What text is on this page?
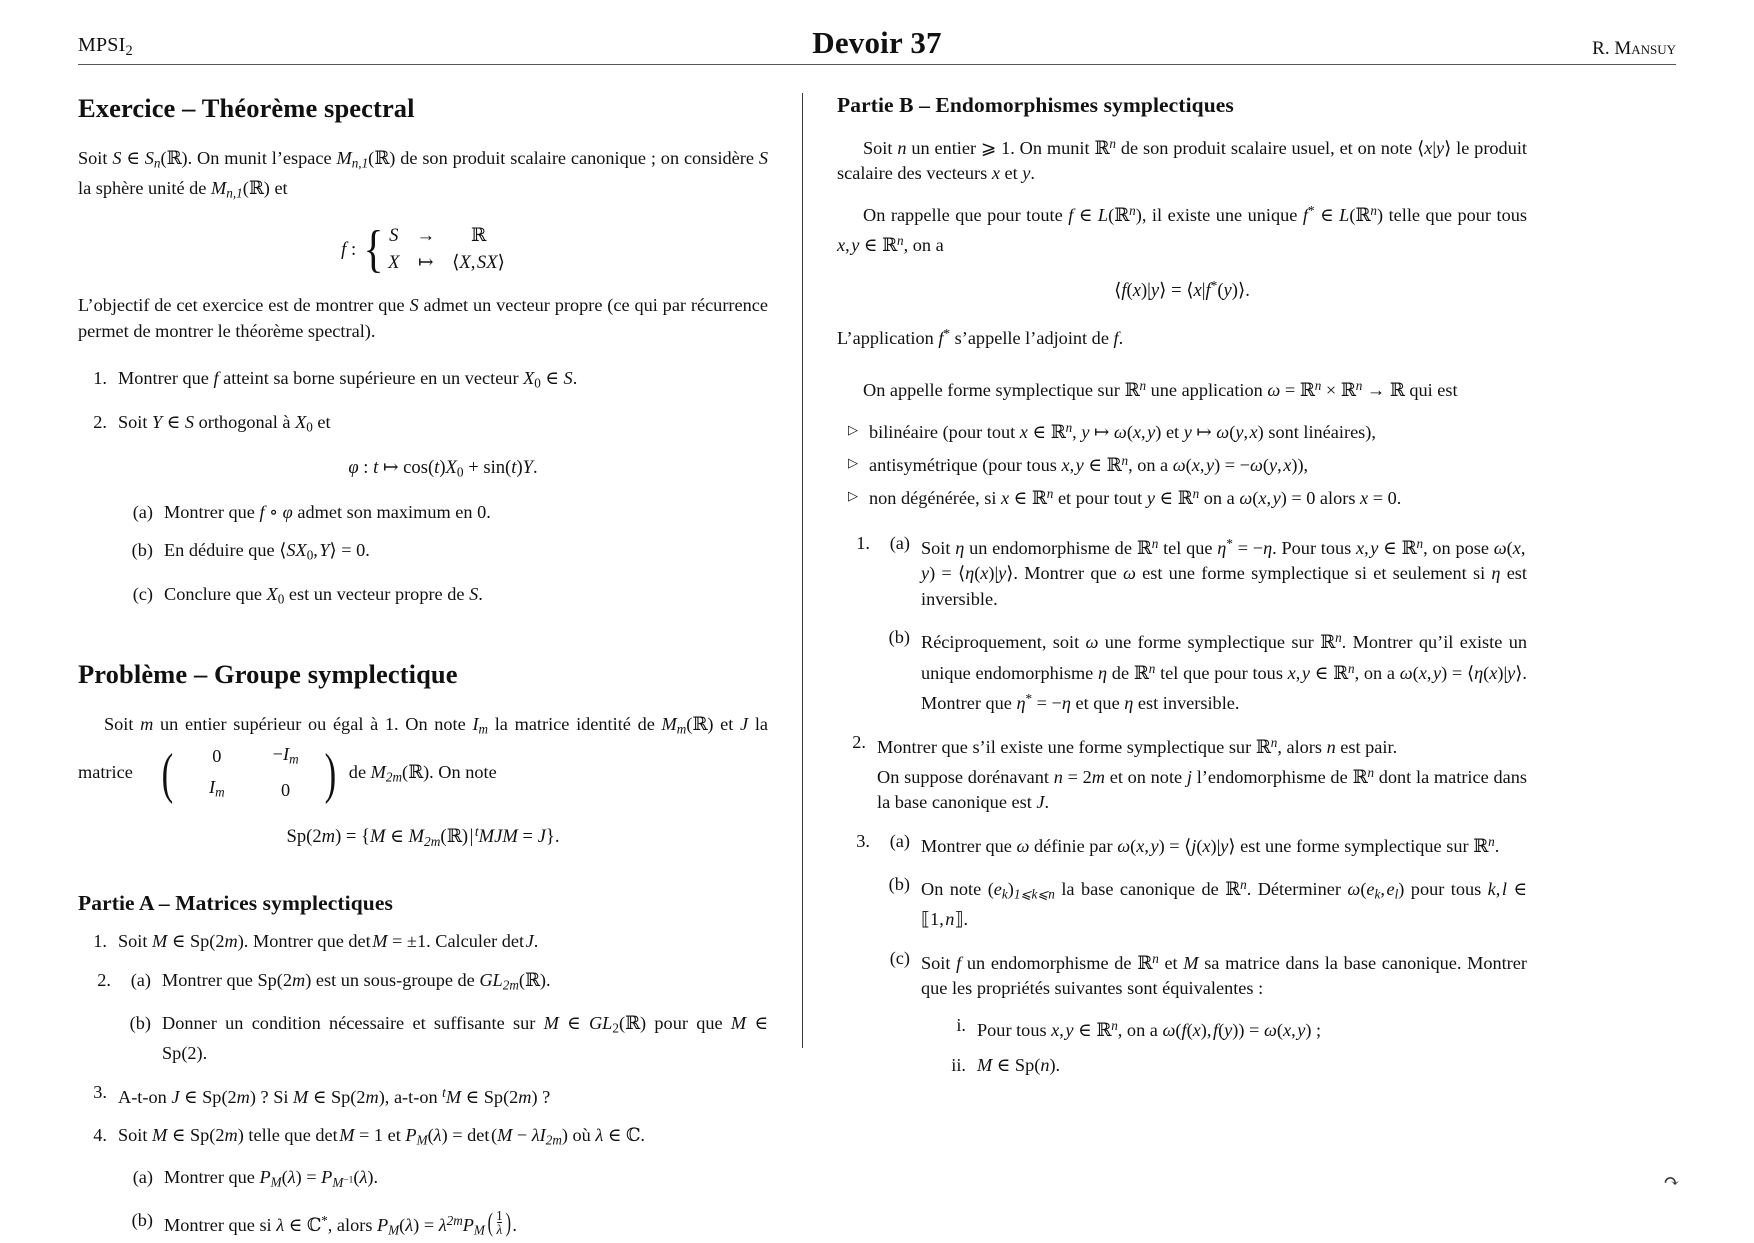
$MPSI_2$	R. Mansuy
Devoir 37
Exercice – Théorème spectral

Soit S ∈ $S_n(ℝ)$. On munit l’espace $M_{n,1}(ℝ)$ de son produit scalaire canonique ; on considère S la sphère unité de $M_{n,1}(ℝ)$ et

f : { S → ℝ
X ↦ ⟨X, SX⟩

L’objectif de cet exercice est de montrer que S admet un vecteur propre (ce qui par récurrence permet de montrer le théorème spectral).

1. Montrer que f atteint sa borne supérieure en un vecteur $X_0$ ∈ S.
2. Soit Y ∈ S orthogonal à $X_0$ et
φ : t ↦ $\cos(t)X_0 + \sin(t)Y$.
(a) Montrer que f ∘ φ admet son maximum en 0.
(b) En déduire que $⟨SX_0$, Y⟩ = 0.
(c) Conclure que $X_0$ est un vecteur propre de S.
Problème – Groupe symplectique

Soit m un entier supérieur ou égal à 1. On note $I_m$ la matrice identité de $M_m(ℝ)$ et J la matrice (	0	$-I_m$
$I_m$	0 ) de $M_{2m}(ℝ)$. On note

Sp(2m) = {M ∈ $M_{2m}(ℝ)$ | $^t$MJM = J}.
Partie A – Matrices symplectiques
1. Soit M ∈ Sp(2m). Montrer que det M = ±1. Calculer det J.
2.	(a) Montrer que Sp(2m) est un sous-groupe de $GL_{2m}(ℝ)$.
(b) Donner un condition nécessaire et suffisante sur M ∈ $GL_2(ℝ)$ pour que M ∈ Sp(2).
3. A-t-on J ∈ Sp(2m) ? Si M ∈ Sp(2m), a-t-on $^t$M ∈ Sp(2m) ?
4. Soit M ∈ Sp(2m) telle que det M = 1 et $P_M(\lambda) = \det$ $(M - \lambda I_{2m})$ où λ ∈ ℂ.
(a) Montrer que $P_M(\lambda) = P_{M^{-1}}(\lambda)$.
(b) Montrer que si λ ∈ ℂ*, alors $P_M(\lambda) = \lambda^{2m}P_M$  ( $\frac{1}{\lambda}$ ) .
Partie B – Endomorphismes symplectiques

Soit n un entier ⩾ 1. On munit ℝ$^n$ de son produit scalaire usuel, et on note ⟨x|y⟩ le produit scalaire des vecteurs x et y.

On rappelle que pour toute f ∈ L(ℝ$^n$), il existe une unique f* ∈ L(ℝ$^n$) telle que pour tous x, y ∈ ℝ$^n$, on a

⟨f(x)|y⟩ = ⟨x|f*(y)⟩.

L’application f* s’appelle l’adjoint de f.

On appelle forme symplectique sur ℝ$^n$ une application ω = ℝ$^n$ × ℝ$^n$ → ℝ qui est

▷ bilinéaire (pour tout x ∈ ℝ$^n$, y ↦ ω(x, y) et y ↦ ω(y, x) sont linéaires),
▷ antisymétrique (pour tous x, y ∈ ℝ$^n$, on a ω(x, y) = −ω(y, x)),
▷ non dégénérée, si x ∈ ℝ$^n$ et pour tout y ∈ ℝ$^n$ on a ω(x, y) = 0 alors x = 0.
1.	(a) Soit η un endomorphisme de ℝ$^n$ tel que η* = −η. Pour tous x, y ∈ ℝ$^n$, on pose ω(x, y) = ⟨η(x)|y⟩. Montrer que ω est une forme symplectique si et seulement si η est inversible.
(b) Réciproquement, soit ω une forme symplectique sur ℝ$^n$. Montrer qu’il existe un unique endomorphisme η de ℝ$^n$ tel que pour tous x, y ∈ ℝ$^n$, on a ω(x, y) = ⟨η(x)|y⟩. Montrer que η* = −η et que η est inversible.
2. Montrer que s’il existe une forme symplectique sur ℝ$^n$, alors n est pair.
On suppose dorénavant n = 2m et on note j l’endomorphisme de ℝ$^n$ dont la matrice dans la base canonique est J.
3.	(a) Montrer que ω définie par ω(x, y) = ⟨j(x)|y⟩ est une forme symplectique sur ℝ$^n$.
(b) On note $(e_k)_{1⩽k⩽n}$ la base canonique de ℝ$^n$. Déterminer $\omega(e_k$, $e_l$) pour tous k, l ∈ ⟦1, n⟧.
(c) Soit f un endomorphisme de ℝ$^n$ et M sa matrice dans la base canonique. Montrer que les propriétés suivantes sont équivalentes :
i. Pour tous x, y ∈ ℝ$^n$, on a ω(f(x), f(y)) = ω(x, y) ;
ii. M ∈ Sp(n).
↷
